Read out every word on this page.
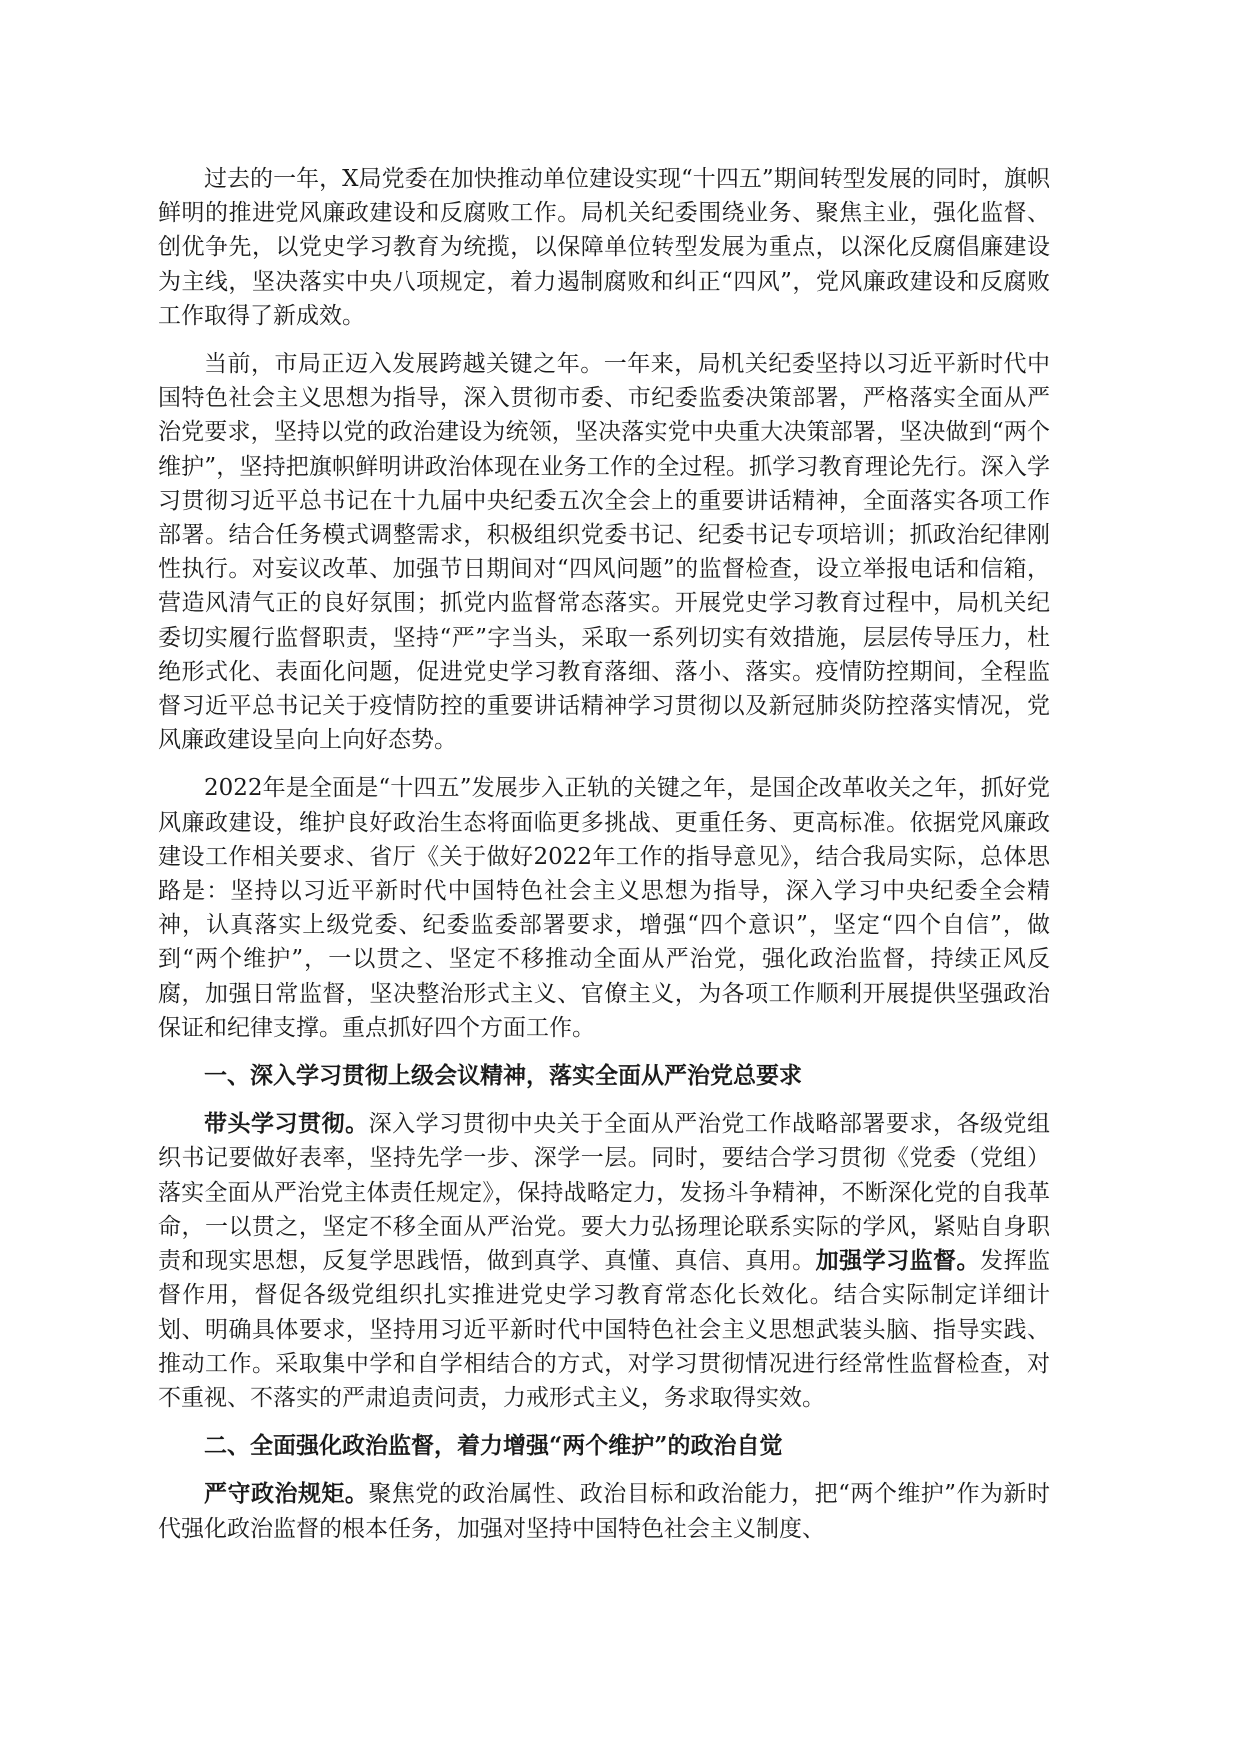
过去的一年，X局党委在加快推动单位建设实现“十四五”期间转型发展的同时，旗帜鲜明的推进党风廉政建设和反腐败工作。局机关纪委围绕业务、聚焦主业，强化监督、创优争先，以党史学习教育为统揽，以保障单位转型发展为重点，以深化反腐倡廉建设为主线，坚决落实中央八项规定，着力遏制腐败和纠正“四风”，党风廉政建设和反腐败工作取得了新成效。

当前，市局正迈入发展跨越关键之年。一年来，局机关纪委坚持以习近平新时代中国特色社会主义思想为指导，深入贯彻市委、市纪委监委决策部署，严格落实全面从严治党要求，坚持以党的政治建设为统领，坚决落实党中央重大决策部署，坚决做到“两个维护”，坚持把旗帜鲜明讲政治体现在业务工作的全过程。抓学习教育理论先行。深入学习贯彻习近平总书记在十九届中央纪委五次全会上的重要讲话精神，全面落实各项工作部署。结合任务模式调整需求，积极组织党委书记、纪委书记专项培训；抓政治纪律刚性执行。对妄议改革、加强节日期间对“四风问题”的监督检查，设立举报电话和信箱，营造风清气正的良好氛围；抓党内监督常态落实。开展党史学习教育过程中，局机关纪委切实履行监督职责，坚持“严”字当头，采取一系列切实有效措施，层层传导压力，杜绝形式化、表面化问题，促进党史学习教育落细、落小、落实。疫情防控期间，全程监督习近平总书记关于疫情防控的重要讲话精神学习贯彻以及新冠肺炎防控落实情况，党风廉政建设呈向上向好态势。

2022年是全面是“十四五”发展步入正轨的关键之年，是国企改革收关之年，抓好党风廉政建设，维护良好政治生态将面临更多挑战、更重任务、更高标准。依据党风廉政建设工作相关要求、省厅《关于做好2022年工作的指导意见》，结合我局实际，总体思路是：坚持以习近平新时代中国特色社会主义思想为指导，深入学习中央纪委全会精神，认真落实上级党委、纪委监委部署要求，增强“四个意识”，坚定“四个自信”，做到“两个维护”，一以贯之、坚定不移推动全面从严治党，强化政治监督，持续正风反腐，加强日常监督，坚决整治形式主义、官僚主义，为各项工作顺利开展提供坚强政治保证和纪律支撑。重点抓好四个方面工作。

一、深入学习贯彻上级会议精神，落实全面从严治党总要求

带头学习贯彻。深入学习贯彻中央关于全面从严治党工作战略部署要求，各级党组织书记要做好表率，坚持先学一步、深学一层。同时，要结合学习贯彻《党委（党组）落实全面从严治党主体责任规定》，保持战略定力，发扬斗争精神，不断深化党的自我革命，一以贯之，坚定不移全面从严治党。要大力弘扬理论联系实际的学风，紧贴自身职责和现实思想，反复学思践悟，做到真学、真懂、真信、真用。加强学习监督。发挥监督作用，督促各级党组织扎实推进党史学习教育常态化长效化。结合实际制定详细计划、明确具体要求，坚持用习近平新时代中国特色社会主义思想武装头脑、指导实践、推动工作。采取集中学和自学相结合的方式，对学习贯彻情况进行经常性监督检查，对不重视、不落实的严肃追责问责，力戒形式主义，务求取得实效。

二、全面强化政治监督，着力增强“两个维护”的政治自觉

严守政治规矩。聚焦党的政治属性、政治目标和政治能力，把“两个维护”作为新时代强化政治监督的根本任务，加强对坚持中国特色社会主义制度、
